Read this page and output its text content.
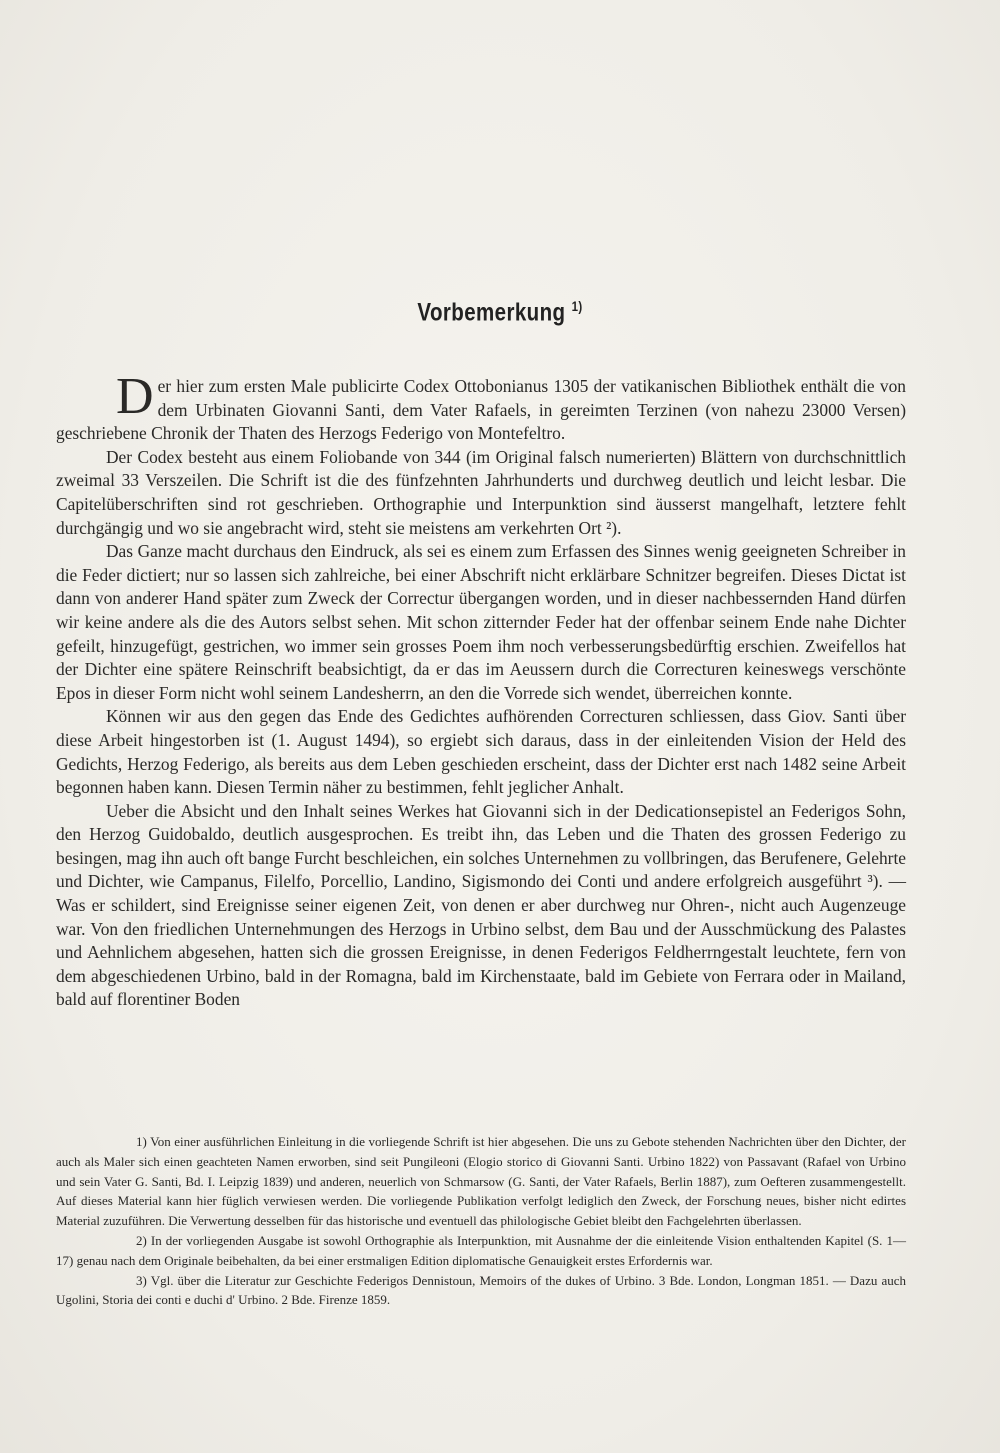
Vorbemerkung $^{1)}$

Der hier zum ersten Male publicirte Codex Ottobonianus 1305 der vatikanischen Bibliothek enthält die von dem Urbinaten Giovanni Santi, dem Vater Rafaels, in gereimten Terzinen (von nahezu 23000 Versen) geschriebene Chronik der Thaten des Herzogs Federigo von Montefeltro.

Der Codex besteht aus einem Foliobande von 344 (im Original falsch numerierten) Blättern von durchschnittlich zweimal 33 Verszeilen. Die Schrift ist die des fünfzehnten Jahrhunderts und durchweg deutlich und leicht lesbar. Die Capitelüberschriften sind rot geschrieben. Orthographie und Interpunktion sind äusserst mangelhaft, letztere fehlt durchgängig und wo sie angebracht wird, steht sie meistens am verkehrten Ort ²).

Das Ganze macht durchaus den Eindruck, als sei es einem zum Erfassen des Sinnes wenig geeigneten Schreiber in die Feder dictiert; nur so lassen sich zahlreiche, bei einer Abschrift nicht erklärbare Schnitzer begreifen. Dieses Dictat ist dann von anderer Hand später zum Zweck der Correctur übergangen worden, und in dieser nachbessernden Hand dürfen wir keine andere als die des Autors selbst sehen. Mit schon zitternder Feder hat der offenbar seinem Ende nahe Dichter gefeilt, hinzugefügt, gestrichen, wo immer sein grosses Poem ihm noch verbesserungsbedürftig erschien. Zweifellos hat der Dichter eine spätere Reinschrift beabsichtigt, da er das im Aeussern durch die Correcturen keineswegs verschönte Epos in dieser Form nicht wohl seinem Landesherrn, an den die Vorrede sich wendet, überreichen konnte.

Können wir aus den gegen das Ende des Gedichtes aufhörenden Correcturen schliessen, dass Giov. Santi über diese Arbeit hingestorben ist (1. August 1494), so ergiebt sich daraus, dass in der einleitenden Vision der Held des Gedichts, Herzog Federigo, als bereits aus dem Leben geschieden erscheint, dass der Dichter erst nach 1482 seine Arbeit begonnen haben kann. Diesen Termin näher zu bestimmen, fehlt jeglicher Anhalt.

Ueber die Absicht und den Inhalt seines Werkes hat Giovanni sich in der Dedicationsepistel an Federigos Sohn, den Herzog Guidobaldo, deutlich ausgesprochen. Es treibt ihn, das Leben und die Thaten des grossen Federigo zu besingen, mag ihn auch oft bange Furcht beschleichen, ein solches Unternehmen zu vollbringen, das Berufenere, Gelehrte und Dichter, wie Campanus, Filelfo, Porcellio, Landino, Sigismondo dei Conti und andere erfolgreich ausgeführt ³). — Was er schildert, sind Ereignisse seiner eigenen Zeit, von denen er aber durchweg nur Ohren-, nicht auch Augenzeuge war. Von den friedlichen Unternehmungen des Herzogs in Urbino selbst, dem Bau und der Ausschmückung des Palastes und Aehnlichem abgesehen, hatten sich die grossen Ereignisse, in denen Federigos Feldherrngestalt leuchtete, fern von dem abgeschiedenen Urbino, bald in der Romagna, bald im Kirchenstaate, bald im Gebiete von Ferrara oder in Mailand, bald auf florentiner Boden

1) Von einer ausführlichen Einleitung in die vorliegende Schrift ist hier abgesehen. Die uns zu Gebote stehenden Nachrichten über den Dichter, der auch als Maler sich einen geachteten Namen erworben, sind seit Pungileoni (Elogio storico di Giovanni Santi. Urbino 1822) von Passavant (Rafael von Urbino und sein Vater G. Santi, Bd. I. Leipzig 1839) und anderen, neuerlich von Schmarsow (G. Santi, der Vater Rafaels, Berlin 1887), zum Oefteren zusammengestellt. Auf dieses Material kann hier füglich verwiesen werden. Die vorliegende Publikation verfolgt lediglich den Zweck, der Forschung neues, bisher nicht edirtes Material zuzuführen. Die Verwertung desselben für das historische und eventuell das philologische Gebiet bleibt den Fachgelehrten überlassen.

2) In der vorliegenden Ausgabe ist sowohl Orthographie als Interpunktion, mit Ausnahme der die einleitende Vision enthaltenden Kapitel (S. 1—17) genau nach dem Originale beibehalten, da bei einer erstmaligen Edition diplomatische Genauigkeit erstes Erfordernis war.

3) Vgl. über die Literatur zur Geschichte Federigos Dennistoun, Memoirs of the dukes of Urbino. 3 Bde. London, Longman 1851. — Dazu auch Ugolini, Storia dei conti e duchi d' Urbino. 2 Bde. Firenze 1859.
